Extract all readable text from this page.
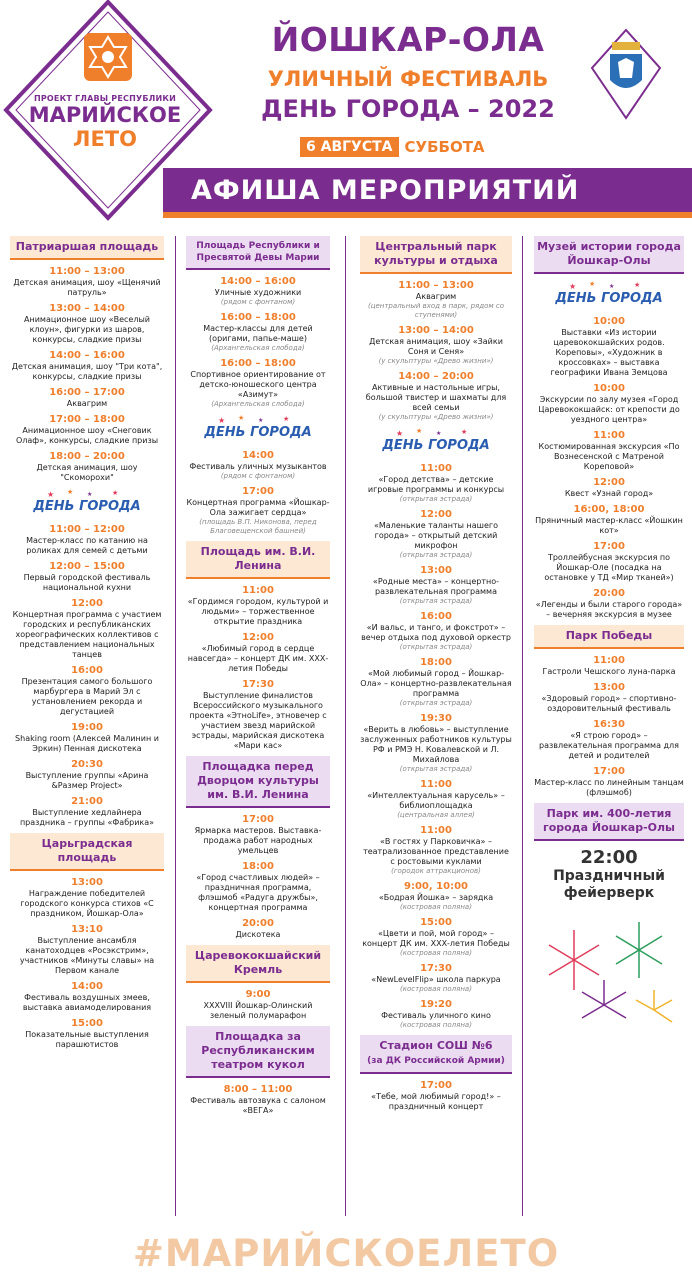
ПРОЕКТ ГЛАВЫ РЕСПУБЛИКИ
МАРИЙСКОЕ
ЛЕТО
ЙОШКАР-ОЛА
УЛИЧНЫЙ ФЕСТИВАЛЬ
ДЕНЬ ГОРОДА – 2022
6 АВГУСТА СУББОТА
АФИША МЕРОПРИЯТИЙ
Патриаршая площадь
11:00 – 13:00
Детская анимация, шоу «Щенячий патруль»
13:00 – 14:00
Анимационное шоу «Веселый клоун», фигурки из шаров, конкурсы, сладкие призы
14:00 – 16:00
Детская анимация, шоу "Три кота", конкурсы, сладкие призы
16:00 – 17:00
Аквагрим
17:00 – 18:00
Анимационное шоу «Снеговик Олаф», конкурсы, сладкие призы
18:00 – 20:00
Детская анимация, шоу "Скоморохи"
★ ★ ★	★
ДЕНЬ ГОРОДА
11:00 – 12:00
Мастер-класс по катанию на роликах для семей с детьми
12:00 – 15:00
Первый городской фестиваль национальной кухни
12:00
Концертная программа с участием городских и республиканских хореографических коллективов с представлением национальных танцев
16:00
Презентация самого большого марбургера в Марий Эл с установлением рекорда и дегустацией
19:00
Shaking room (Алексей Малинин и Эркин) Пенная дискотека
20:30
Выступление группы «Арина &Размер Project»
21:00
Выступление хедлайнера праздника – группы «Фабрика»
Царьградская площадь
13:00
Награждение победителей городского конкурса стихов «С праздником, Йошкар-Ола»
13:10
Выступление ансамбля канатоходцев «Росэкстрим», участников «Минуты славы» на Первом канале
14:00
Фестиваль воздушных змеев, выставка авиамоделирования
15:00
Показательные выступления парашютистов
Площадь Республики и Пресвятой Девы Марии
14:00 – 16:00
Уличные художники
(рядом с фонтаном)
16:00 – 18:00
Мастер-классы для детей (оригами, папье-маше)
(Архангельская слобода)
16:00 – 18:00
Спортивное ориентирование от детско-юношеского центра «Азимут»
(Архангельская слобода)
★ ★ ★	★
ДЕНЬ ГОРОДА
14:00
Фестиваль уличных музыкантов
(рядом с фонтаном)
17:00
Концертная программа «Йошкар-Ола зажигает сердца»
(площадь В.П. Никонова, перед Благовещенской башней)
Площадь им. В.И. Ленина
11:00
«Гордимся городом, культурой и людьми» – торжественное открытие праздника
12:00
«Любимый город в сердце навсегда» – концерт ДК им. ХХХ-летия Победы
17:30
Выступление финалистов Всероссийского музыкального проекта «ЭтноLife», этновечер с участием звезд марийской эстрады, марийская дискотека «Мари кас»
Площадка перед Дворцом культуры им. В.И. Ленина
17:00
Ярмарка мастеров. Выставка-продажа работ народных умельцев
18:00
«Город счастливых людей» – праздничная программа, флэшмоб «Радуга дружбы», концертная программа
20:00
Дискотека
Царевококшайский Кремль
9:00
XXXVIII Йошкар-Олинский зеленый полумарафон
Площадка за Республиканским театром кукол
8:00 – 11:00
Фестиваль автозвука с салоном «ВЕГА»
Центральный парк культуры и отдыха
11:00 – 13:00
Аквагрим
(центральный вход в парк, рядом со ступенями)
13:00 – 14:00
Детская анимация, шоу «Зайки Соня и Сеня»
(у скульптуры «Древо жизни»)
14:00 – 20:00
Активные и настольные игры, большой твистер и шахматы для всей семьи
(у скульптуры «Древо жизни»)
★ ★ ★	★
ДЕНЬ ГОРОДА
11:00
«Город детства» – детские игровые программы и конкурсы
(открытая эстрада)
12:00
«Маленькие таланты нашего города» – открытый детский микрофон
(открытая эстрада)
13:00
«Родные места» – концертно-развлекательная программа
(открытая эстрада)
16:00
«И вальс, и танго, и фокстрот» – вечер отдыха под духовой оркестр
(открытая эстрада)
18:00
«Мой любимый город – Йошкар-Ола» – концертно-развлекательная программа
(открытая эстрада)
19:30
«Верить в любовь» – выступление заслуженных работников культуры РФ и РМЭ Н. Ковалевской и Л. Михайлова
(открытая эстрада)
11:00
«Интеллектуальная карусель» – библиоплощадка
(центральная аллея)
11:00
«В гостях у Парковичка» – театрализованное представление с ростовыми куклами
(городок аттракционов)
9:00, 10:00
«Бодрая Йошка» – зарядка
(костровая поляна)
15:00
«Цвети и пой, мой город» – концерт ДК им. ХХХ-летия Победы
(костровая поляна)
17:30
«NewLevelFlip» школа паркура
(костровая поляна)
19:20
Фестиваль уличного кино
(костровая поляна)
Стадион СОШ №6
(за ДК Российской Армии)
17:00
«Тебе, мой любимый город!» – праздничный концерт
Музей истории города Йошкар-Олы
★ ★ ★	★
ДЕНЬ ГОРОДА
10:00
Выставки «Из истории царевококшайских родов. Кореповы», «Художник в кроссовках» – выставка географики Ивана Земцова
10:00
Экскурсии по залу музея «Город Царевококшайск: от крепости до уездного центра»
11:00
Костюмированная экскурсия «По Вознесенской с Матреной Кореповой»
12:00
Квест «Узнай город»
16:00, 18:00
Пряничный мастер-класс «Йошкин кот»
17:00
Троллейбусная экскурсия по Йошкар-Оле (посадка на остановке у ТД «Мир тканей»)
20:00
«Легенды и были старого города» – вечерняя экскурсия в музее
Парк Победы
11:00
Гастроли Чешского луна-парка
13:00
«Здоровый город» – спортивно-оздоровительный фестиваль
16:30
«Я строю город» – развлекательная программа для детей и родителей
17:00
Мастер-класс по линейным танцам (флэшмоб)
Парк им. 400-летия города Йошкар-Олы
22:00
Праздничный фейерверк
#МАРИЙСКОЕЛЕТО
